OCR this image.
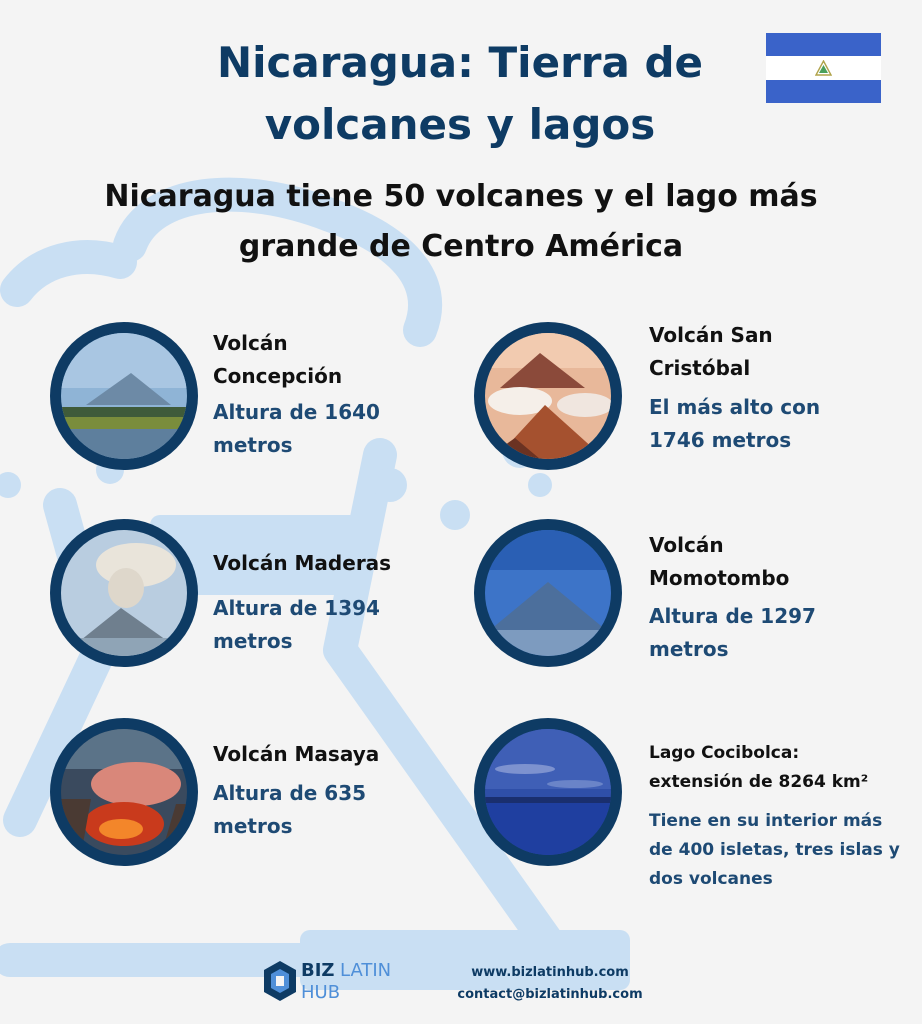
Nicaragua: Tierra de volcanes y lagos
Nicaragua tiene 50 volcanes y el lago más grande de Centro América
Volcán Concepción
Altura de 1640 metros
Volcán San Cristóbal
El más alto con 1746 metros
Volcán Maderas
Altura de 1394 metros
Volcán Momotombo
Altura de 1297 metros
Volcán Masaya
Altura de 635 metros
Lago Cocibolca: extensión de 8264 km²
Tiene en su interior más de 400 isletas, tres islas y dos volcanes
BIZ LATIN
HUB
www.bizlatinhub.com
contact@bizlatinhub.com
